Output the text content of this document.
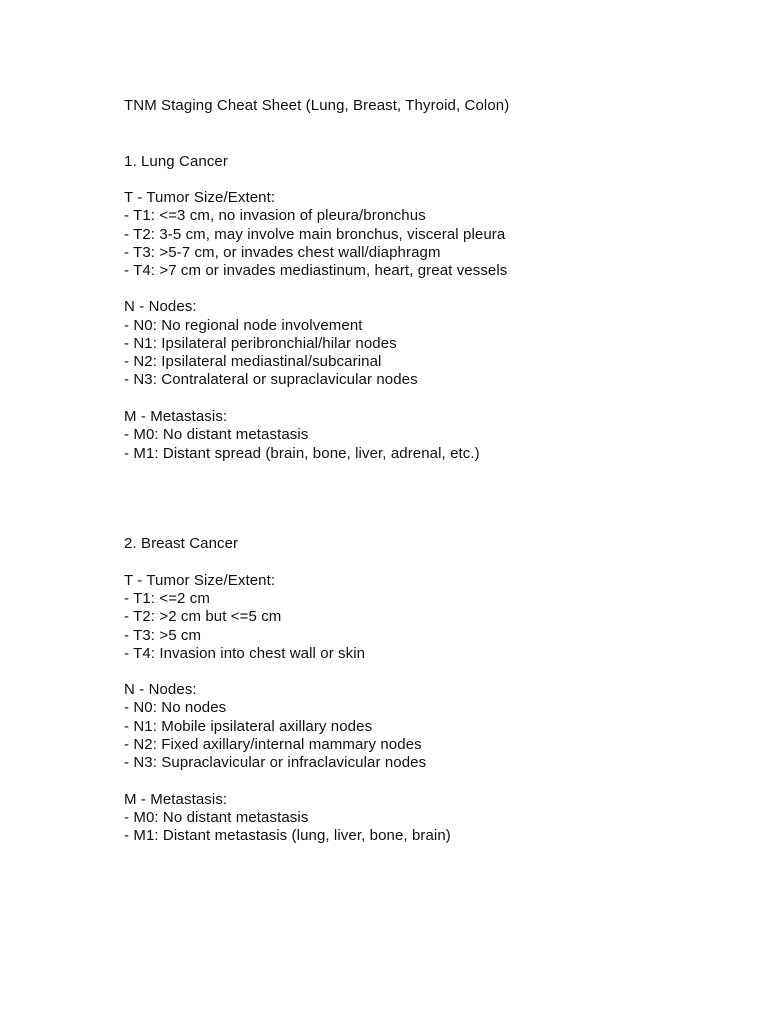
TNM Staging Cheat Sheet (Lung, Breast, Thyroid, Colon)
1. Lung Cancer
T - Tumor Size/Extent:
- T1: <=3 cm, no invasion of pleura/bronchus
- T2: 3-5 cm, may involve main bronchus, visceral pleura
- T3: >5-7 cm, or invades chest wall/diaphragm
- T4: >7 cm or invades mediastinum, heart, great vessels
N - Nodes:
- N0: No regional node involvement
- N1: Ipsilateral peribronchial/hilar nodes
- N2: Ipsilateral mediastinal/subcarinal
- N3: Contralateral or supraclavicular nodes
M - Metastasis:
- M0: No distant metastasis
- M1: Distant spread (brain, bone, liver, adrenal, etc.)
2. Breast Cancer
T - Tumor Size/Extent:
- T1: <=2 cm
- T2: >2 cm but <=5 cm
- T3: >5 cm
- T4: Invasion into chest wall or skin
N - Nodes:
- N0: No nodes
- N1: Mobile ipsilateral axillary nodes
- N2: Fixed axillary/internal mammary nodes
- N3: Supraclavicular or infraclavicular nodes
M - Metastasis:
- M0: No distant metastasis
- M1: Distant metastasis (lung, liver, bone, brain)
